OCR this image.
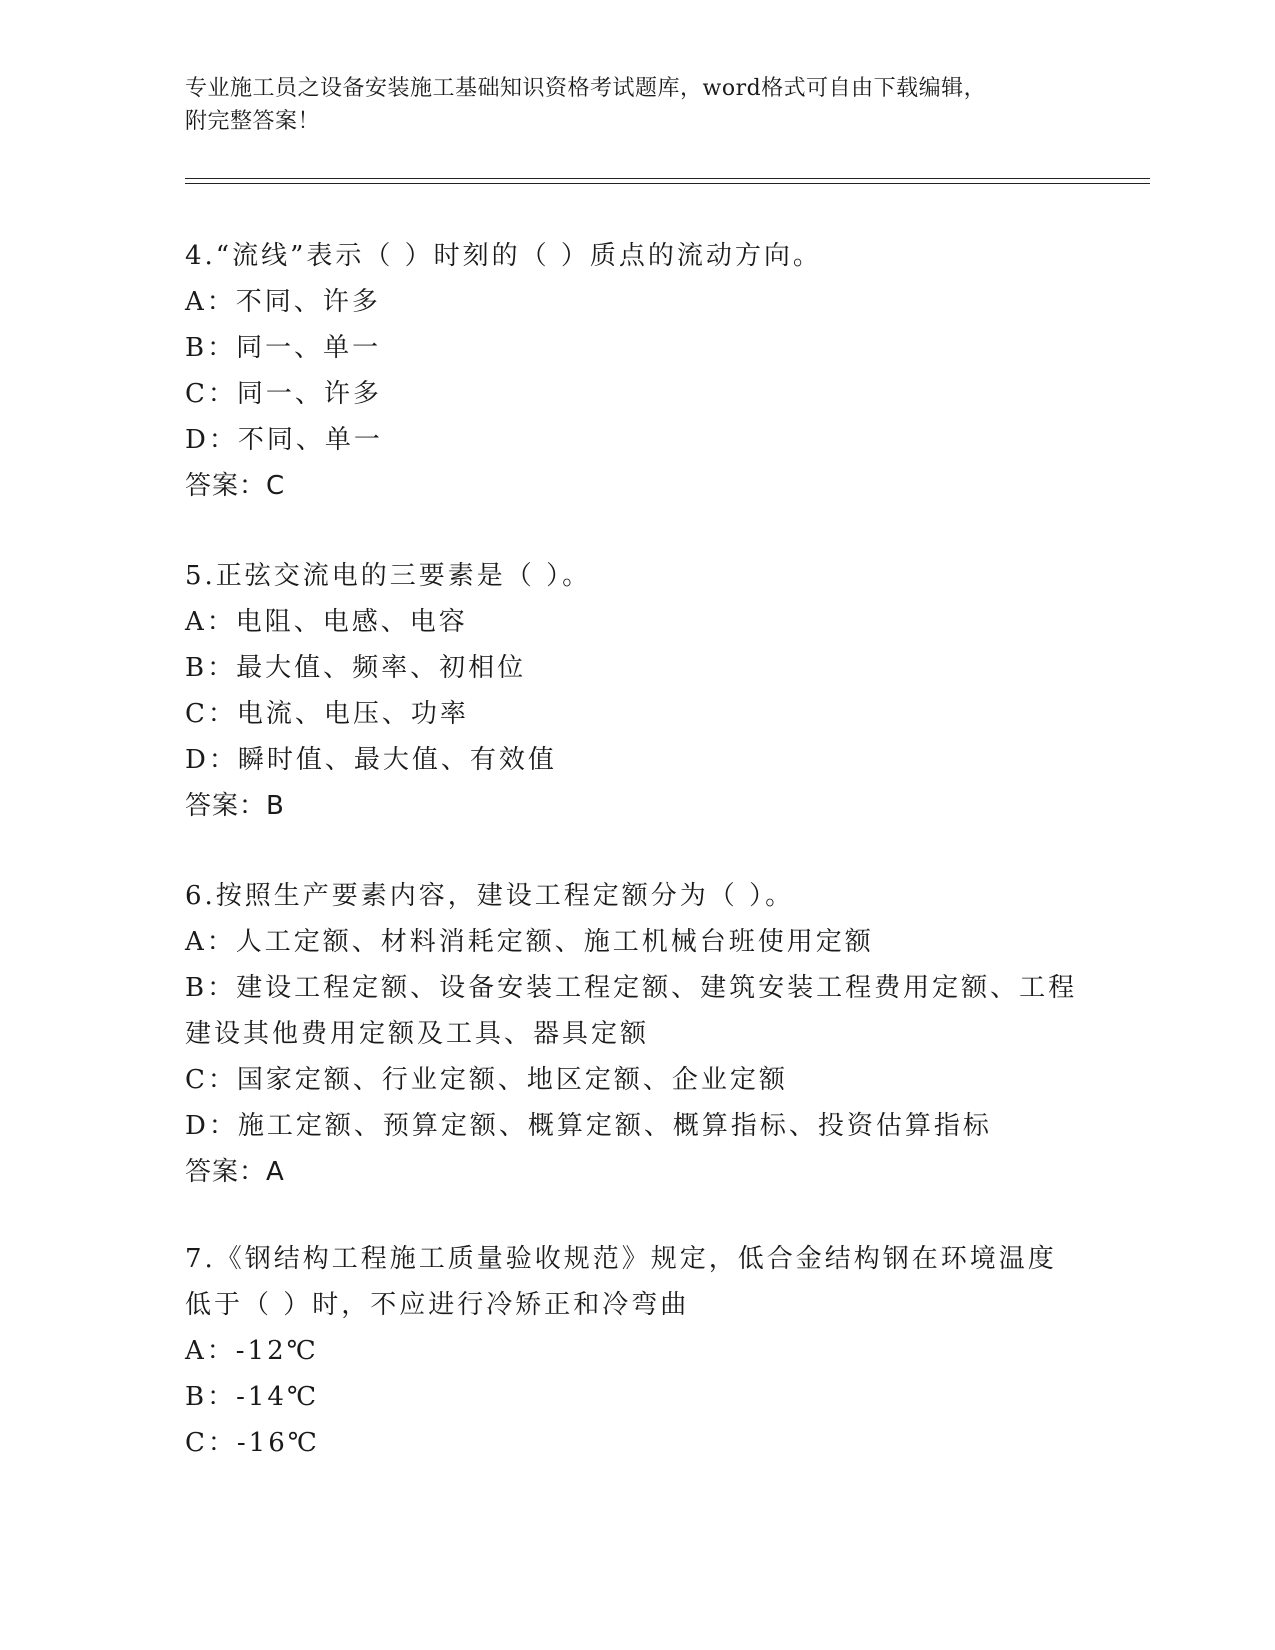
专业施工员之设备安装施工基础知识资格考试题库，word格式可自由下载编辑，
附完整答案！
4.“流线”表示（ ）时刻的（ ）质点的流动方向。
A：不同、许多
B：同一、单一
C：同一、许多
D：不同、单一
答案：C
5.正弦交流电的三要素是（ ）。
A：电阻、电感、电容
B：最大值、频率、初相位
C：电流、电压、功率
D：瞬时值、最大值、有效值
答案：B
6.按照生产要素内容，建设工程定额分为（ ）。
A：人工定额、材料消耗定额、施工机械台班使用定额
B：建设工程定额、设备安装工程定额、建筑安装工程费用定额、工程建设其他费用定额及工具、器具定额
C：国家定额、行业定额、地区定额、企业定额
D：施工定额、预算定额、概算定额、概算指标、投资估算指标
答案：A
7.《钢结构工程施工质量验收规范》规定，低合金结构钢在环境温度低于（ ）时，不应进行冷矫正和冷弯曲
A：-12℃
B：-14℃
C：-16℃
